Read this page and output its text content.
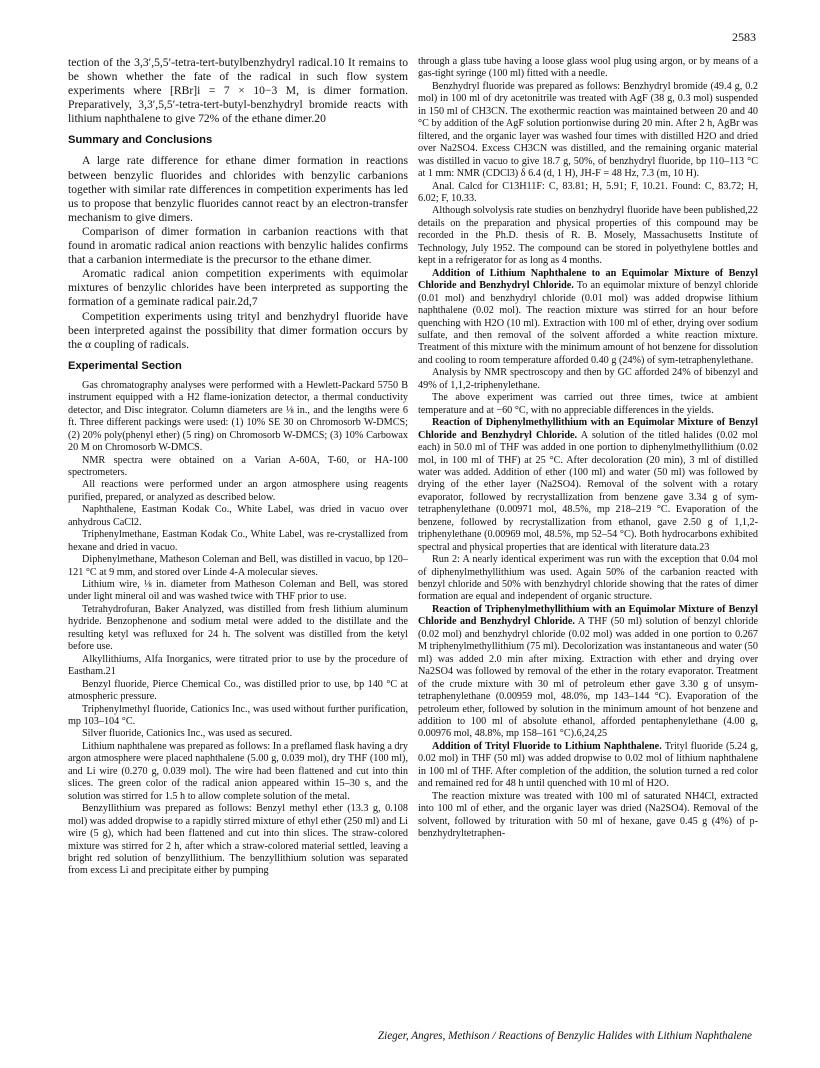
2583

tection of the 3,3′,5,5′-tetra-tert-butylbenzhydryl radical.10 It remains to be shown whether the fate of the radical in such flow system experiments where [RBr]i = 7 × 10−3 M, is dimer formation. Preparatively, 3,3′,5,5′-tetra-tert-butyl-benzhydryl bromide reacts with lithium naphthalene to give 72% of the ethane dimer.20

Summary and Conclusions

A large rate difference for ethane dimer formation in reactions between benzylic fluorides and chlorides with benzylic carbanions together with similar rate differences in competition experiments has led us to propose that benzylic fluorides cannot react by an electron-transfer mechanism to give dimers.

Comparison of dimer formation in carbanion reactions with that found in aromatic radical anion reactions with benzylic halides confirms that a carbanion intermediate is the precursor to the ethane dimer.

Aromatic radical anion competition experiments with equimolar mixtures of benzylic chlorides have been interpreted as supporting the formation of a geminate radical pair.2d,7

Competition experiments using trityl and benzhydryl fluoride have been interpreted against the possibility that dimer formation occurs by the α coupling of radicals.

Experimental Section

Gas chromatography analyses were performed with a Hewlett-Packard 5750 B instrument equipped with a H2 flame-ionization detector, a thermal conductivity detector, and Disc integrator. Column diameters are ⅛ in., and the lengths were 6 ft. Three different packings were used: (1) 10% SE 30 on Chromosorb W-DMCS; (2) 20% poly(phenyl ether) (5 ring) on Chromosorb W-DMCS; (3) 10% Carbowax 20 M on Chromosorb W-DMCS.

NMR spectra were obtained on a Varian A-60A, T-60, or HA-100 spectrometers.

All reactions were performed under an argon atmosphere using reagents purified, prepared, or analyzed as described below.

Naphthalene, Eastman Kodak Co., White Label, was dried in vacuo over anhydrous CaCl2.

Triphenylmethane, Eastman Kodak Co., White Label, was re-crystallized from hexane and dried in vacuo.

Diphenylmethane, Matheson Coleman and Bell, was distilled in vacuo, bp 120–121 °C at 9 mm, and stored over Linde 4-A molecular sieves.

Lithium wire, ⅛ in. diameter from Matheson Coleman and Bell, was stored under light mineral oil and was washed twice with THF prior to use.

Tetrahydrofuran, Baker Analyzed, was distilled from fresh lithium aluminum hydride. Benzophenone and sodium metal were added to the distillate and the resulting ketyl was refluxed for 24 h. The solvent was distilled from the ketyl before use.

Alkyllithiums, Alfa Inorganics, were titrated prior to use by the procedure of Eastham.21

Benzyl fluoride, Pierce Chemical Co., was distilled prior to use, bp 140 °C at atmospheric pressure.

Triphenylmethyl fluoride, Cationics Inc., was used without further purification, mp 103–104 °C.

Silver fluoride, Cationics Inc., was used as secured.

Lithium naphthalene was prepared as follows: In a preflamed flask having a dry argon atmosphere were placed naphthalene (5.00 g, 0.039 mol), dry THF (100 ml), and Li wire (0.270 g, 0.039 mol). The wire had been flattened and cut into thin slices. The green color of the radical anion appeared within 15–30 s, and the solution was stirred for 1.5 h to allow complete solution of the metal.

Benzyllithium was prepared as follows: Benzyl methyl ether (13.3 g, 0.108 mol) was added dropwise to a rapidly stirred mixture of ethyl ether (250 ml) and Li wire (5 g), which had been flattened and cut into thin slices. The straw-colored mixture was stirred for 2 h, after which a straw-colored material settled, leaving a bright red solution of benzyllithium. The benzyllithium solution was separated from excess Li and precipitate either by pumping

through a glass tube having a loose glass wool plug using argon, or by means of a gas-tight syringe (100 ml) fitted with a needle.

Benzhydryl fluoride was prepared as follows: Benzhydryl bromide (49.4 g, 0.2 mol) in 100 ml of dry acetonitrile was treated with AgF (38 g, 0.3 mol) suspended in 150 ml of CH3CN. The exothermic reaction was maintained between 20 and 40 °C by addition of the AgF solution portionwise during 20 min. After 2 h, AgBr was filtered, and the organic layer was washed four times with distilled H2O and dried over Na2SO4. Excess CH3CN was distilled, and the remaining organic material was distilled in vacuo to give 18.7 g, 50%, of benzhydryl fluoride, bp 110–113 °C at 1 mm: NMR (CDCl3) δ 6.4 (d, 1 H), JH-F = 48 Hz, 7.3 (m, 10 H).

Anal. Calcd for C13H11F: C, 83.81; H, 5.91; F, 10.21. Found: C, 83.72; H, 6.02; F, 10.33.

Although solvolysis rate studies on benzhydryl fluoride have been published,22 details on the preparation and physical properties of this compound may be recorded in the Ph.D. thesis of R. B. Mosely, Massachusetts Institute of Technology, July 1952. The compound can be stored in polyethylene bottles and kept in a refrigerator for as long as 4 months.

Addition of Lithium Naphthalene to an Equimolar Mixture of Benzyl Chloride and Benzhydryl Chloride. To an equimolar mixture of benzyl chloride (0.01 mol) and benzhydryl chloride (0.01 mol) was added dropwise lithium naphthalene (0.02 mol). The reaction mixture was stirred for an hour before quenching with H2O (10 ml). Extraction with 100 ml of ether, drying over sodium sulfate, and then removal of the solvent afforded a white reaction mixture. Treatment of this mixture with the minimum amount of hot benzene for dissolution and cooling to room temperature afforded 0.40 g (24%) of sym-tetraphenylethane.

Analysis by NMR spectroscopy and then by GC afforded 24% of bibenzyl and 49% of 1,1,2-triphenylethane.

The above experiment was carried out three times, twice at ambient temperature and at −60 °C, with no appreciable differences in the yields.

Reaction of Diphenylmethyllithium with an Equimolar Mixture of Benzyl Chloride and Benzhydryl Chloride. A solution of the titled halides (0.02 mol each) in 50.0 ml of THF was added in one portion to diphenylmethyllithium (0.02 mol, in 100 ml of THF) at 25 °C. After decoloration (20 min), 3 ml of distilled water was added. Addition of ether (100 ml) and water (50 ml) was followed by drying of the ether layer (Na2SO4). Removal of the solvent with a rotary evaporator, followed by recrystallization from benzene gave 3.34 g of sym-tetraphenylethane (0.00971 mol, 48.5%, mp 218–219 °C. Evaporation of the benzene, followed by recrystallization from ethanol, gave 2.50 g of 1,1,2-triphenylethane (0.00969 mol, 48.5%, mp 52–54 °C). Both hydrocarbons exhibited spectral and physical properties that are identical with literature data.23

Run 2: A nearly identical experiment was run with the exception that 0.04 mol of diphenylmethyllithium was used. Again 50% of the carbanion reacted with benzyl chloride and 50% with benzhydryl chloride showing that the rates of dimer formation are equal and independent of organic structure.

Reaction of Triphenylmethyllithium with an Equimolar Mixture of Benzyl Chloride and Benzhydryl Chloride. A THF (50 ml) solution of benzyl chloride (0.02 mol) and benzhydryl chloride (0.02 mol) was added in one portion to 0.267 M triphenylmethyllithium (75 ml). Decolorization was instantaneous and water (50 ml) was added 2.0 min after mixing. Extraction with ether and drying over Na2SO4 was followed by removal of the ether in the rotary evaporator. Treatment of the crude mixture with 30 ml of petroleum ether gave 3.30 g of unsym-tetraphenylethane (0.00959 mol, 48.0%, mp 143–144 °C). Evaporation of the petroleum ether, followed by solution in the minimum amount of hot benzene and addition to 100 ml of absolute ethanol, afforded pentaphenylethane (4.00 g, 0.00976 mol, 48.8%, mp 158–161 °C).6,24,25

Addition of Trityl Fluoride to Lithium Naphthalene. Trityl fluoride (5.24 g, 0.02 mol) in THF (50 ml) was added dropwise to 0.02 mol of lithium naphthalene in 100 ml of THF. After completion of the addition, the solution turned a red color and remained red for 48 h until quenched with 10 ml of H2O.

The reaction mixture was treated with 100 ml of saturated NH4Cl, extracted into 100 ml of ether, and the organic layer was dried (Na2SO4). Removal of the solvent, followed by trituration with 50 ml of hexane, gave 0.45 g (4%) of p-benzhydryltetraphen-

Zieger, Angres, Methison / Reactions of Benzylic Halides with Lithium Naphthalene
